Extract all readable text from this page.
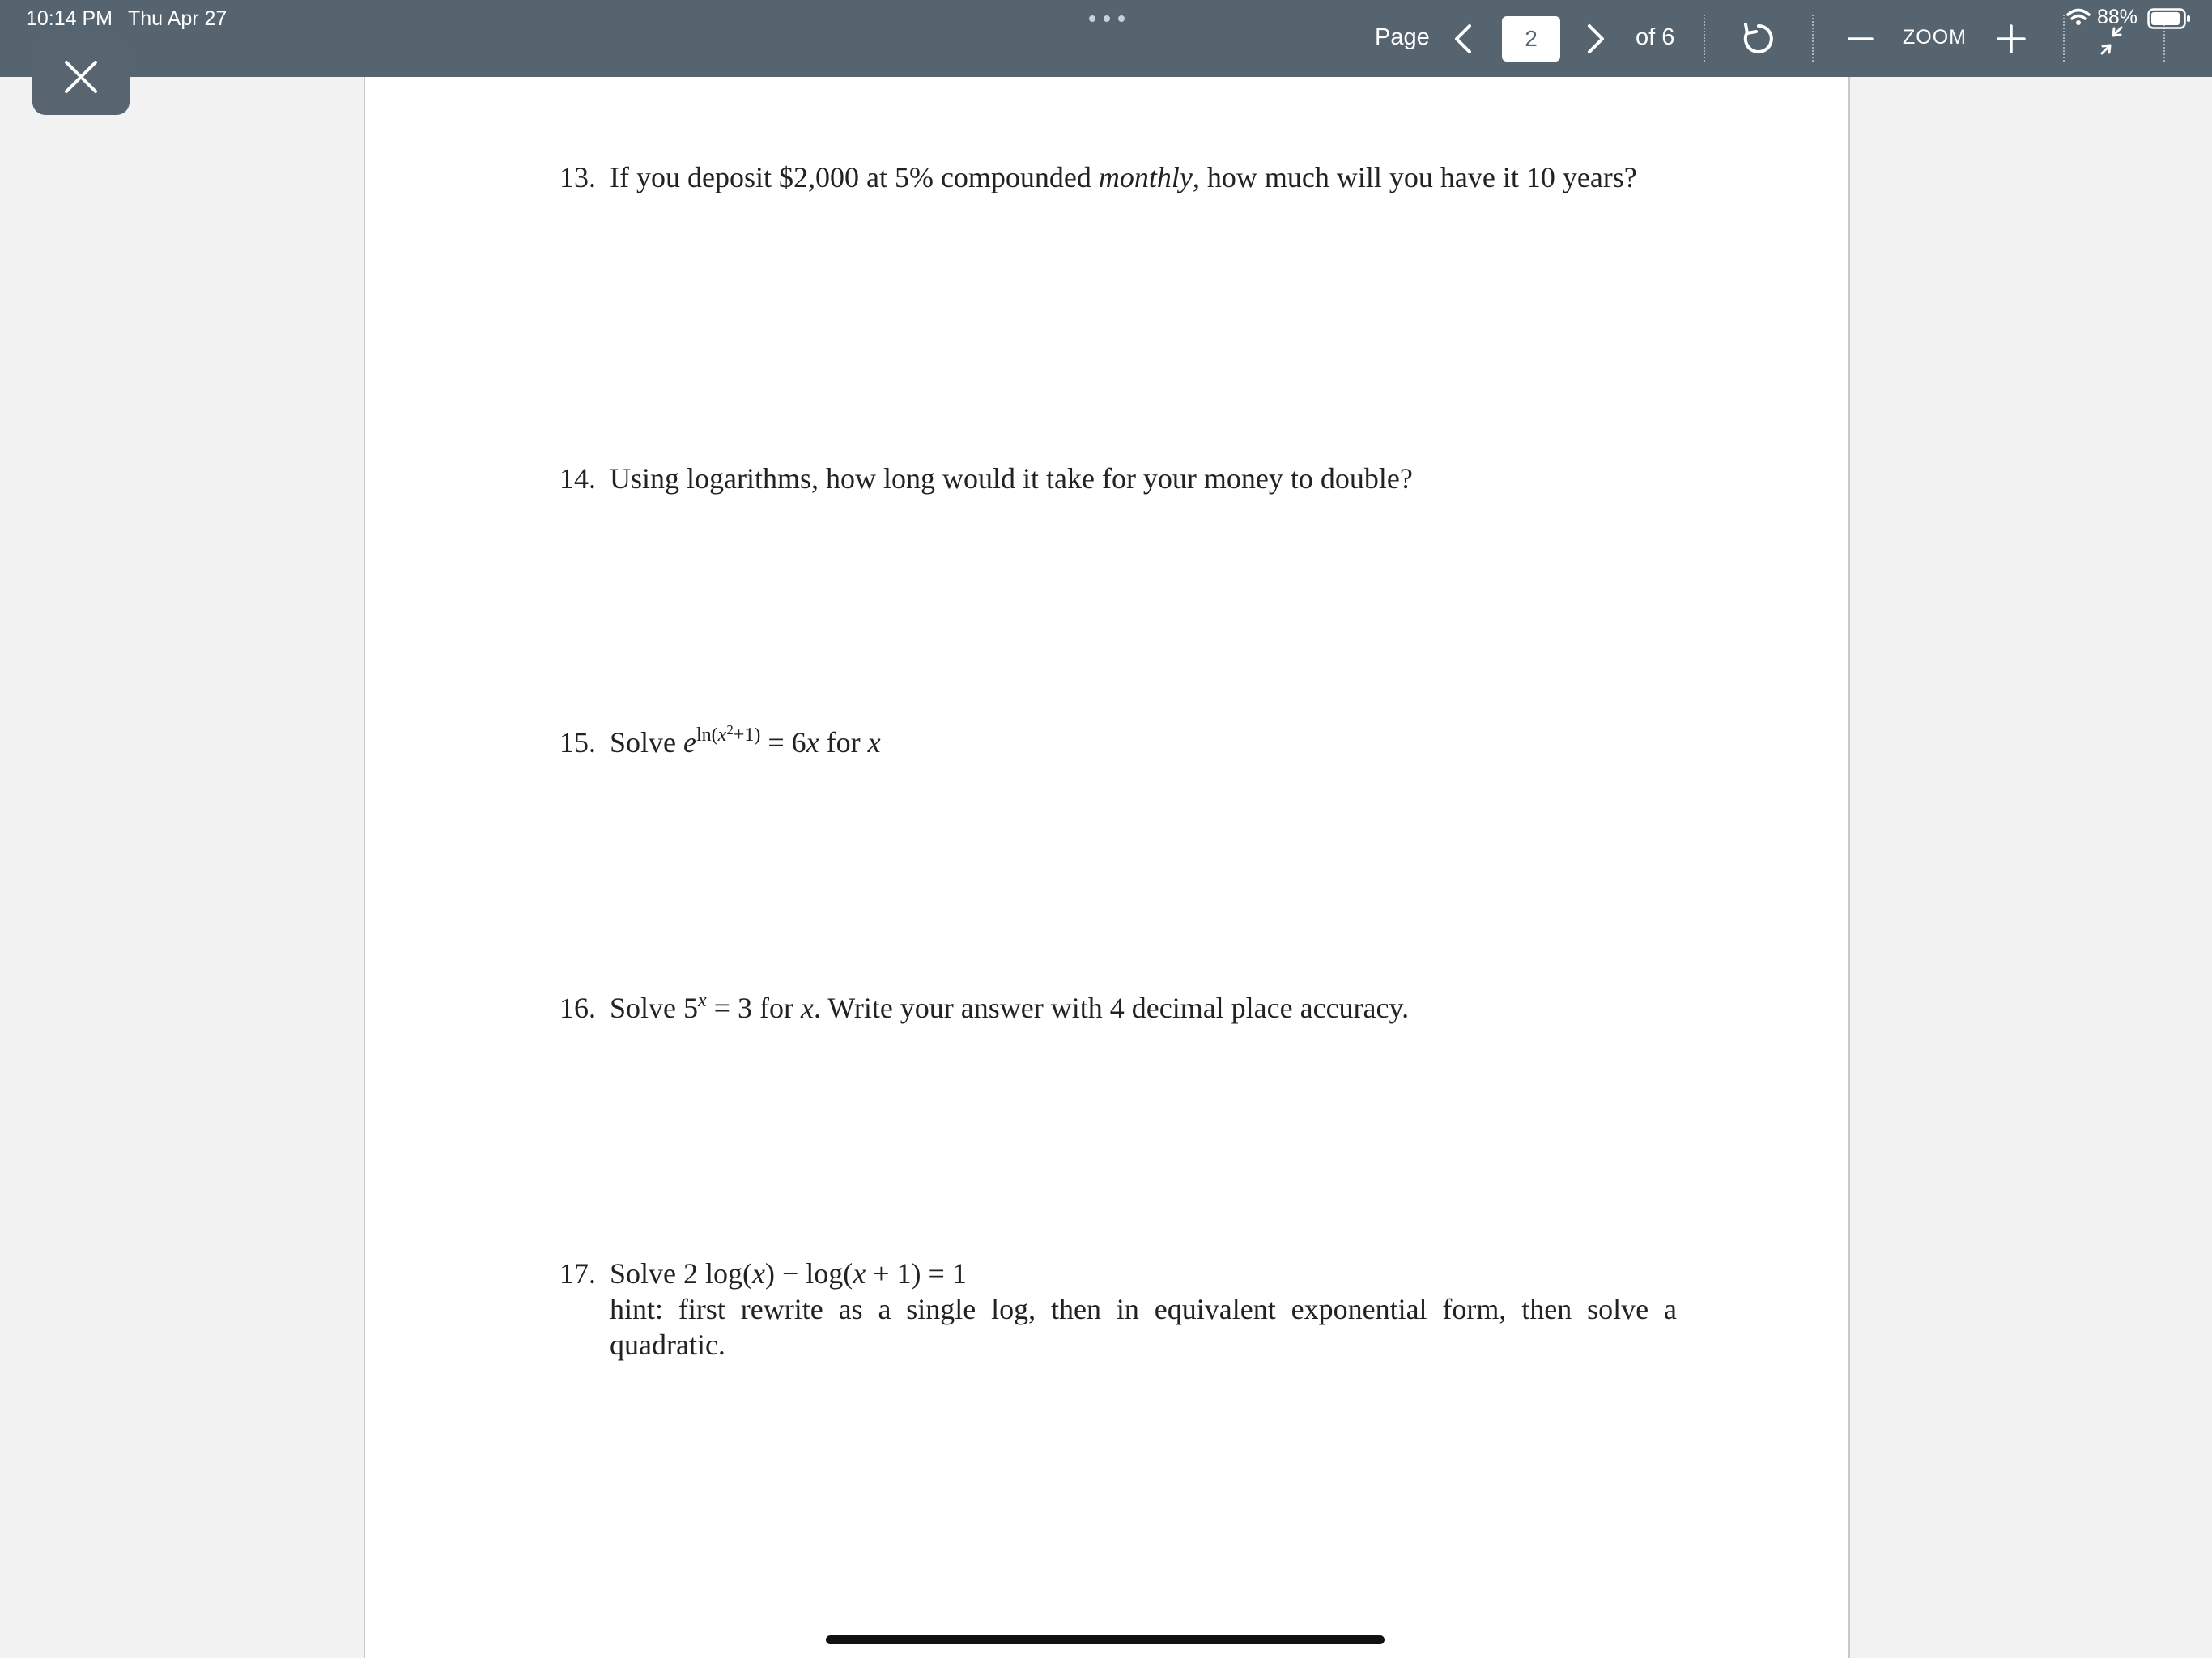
10:14 PM Thu Apr 27
Page
2	of 6	ZOOM
88%
13. If you deposit $2,000 at 5% compounded monthly, how much will you have it 10 years?
14. Using logarithms, how long would it take for your money to double?
15. Solve $e^{ln(x^2+1)} = 6x$ for x
16. Solve $5^x = 3$ for x. Write your answer with 4 decimal place accuracy.
17. Solve 2 log(x) − log(x + 1) = 1
hint: first rewrite as a single log, then in equivalent exponential form, then solve a quadratic.
